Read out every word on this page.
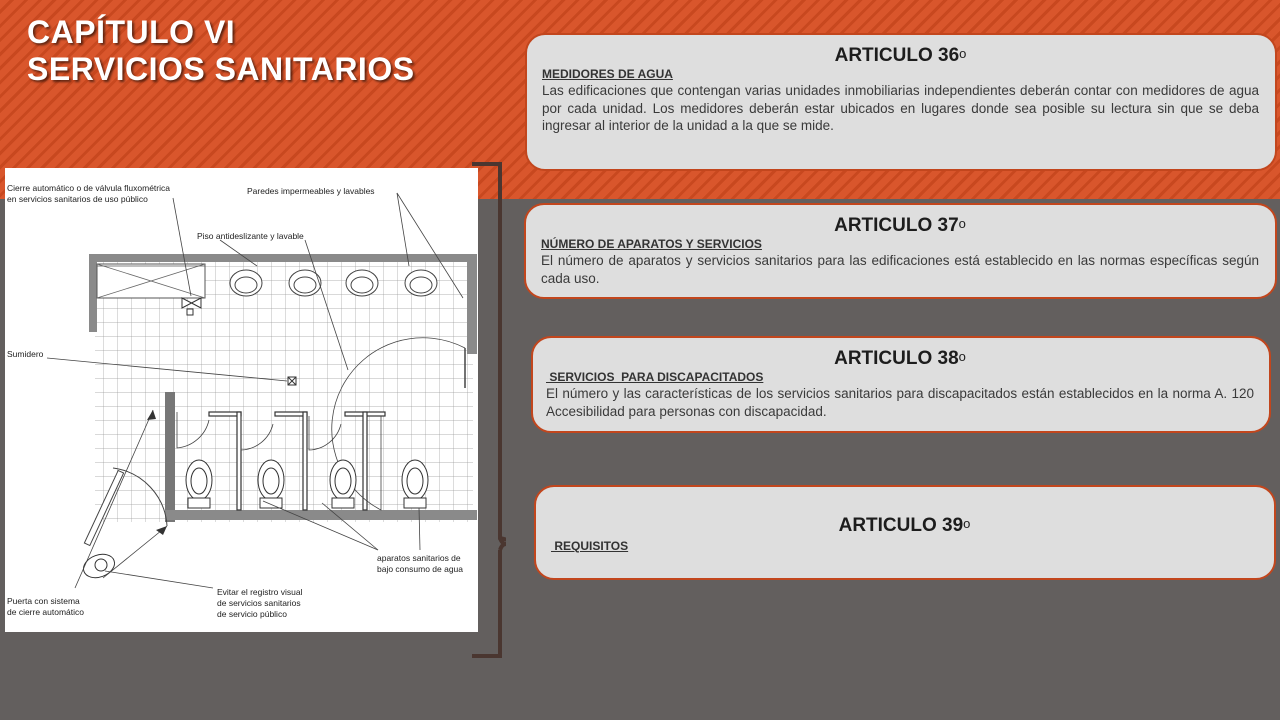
CAPÍTULO VI
SERVICIOS SANITARIOS
Cierre automático o de válvula fluxométrica
en servicios sanitarios de uso público
Paredes impermeables y lavables
Piso antideslizante y lavable
Sumidero
Puerta con sistema
de cierre automático
Evitar el registro visual
de servicios sanitarios
de servicio público
aparatos sanitarios de
bajo consumo de agua
ARTICULO 36$^o$
MEDIDORES DE AGUA

Las edificaciones que contengan varias unidades inmobiliarias independientes deberán contar con medidores de agua por cada unidad. Los medidores deberán estar ubicados en lugares donde sea posible su lectura sin que se deba ingresar al interior de la unidad a la que se mide.

ARTICULO 37$^o$
NÚMERO DE APARATOS Y SERVICIOS

El número de aparatos y servicios sanitarios para las edificaciones está establecido en las normas específicas según cada uso.

ARTICULO 38$^o$
SERVICIOS  PARA DISCAPACITADOS

El número y las características de los servicios sanitarios para discapacitados están establecidos en la norma A. 120 Accesibilidad para personas con discapacidad.

ARTICULO 39$^o$
REQUISITOS
